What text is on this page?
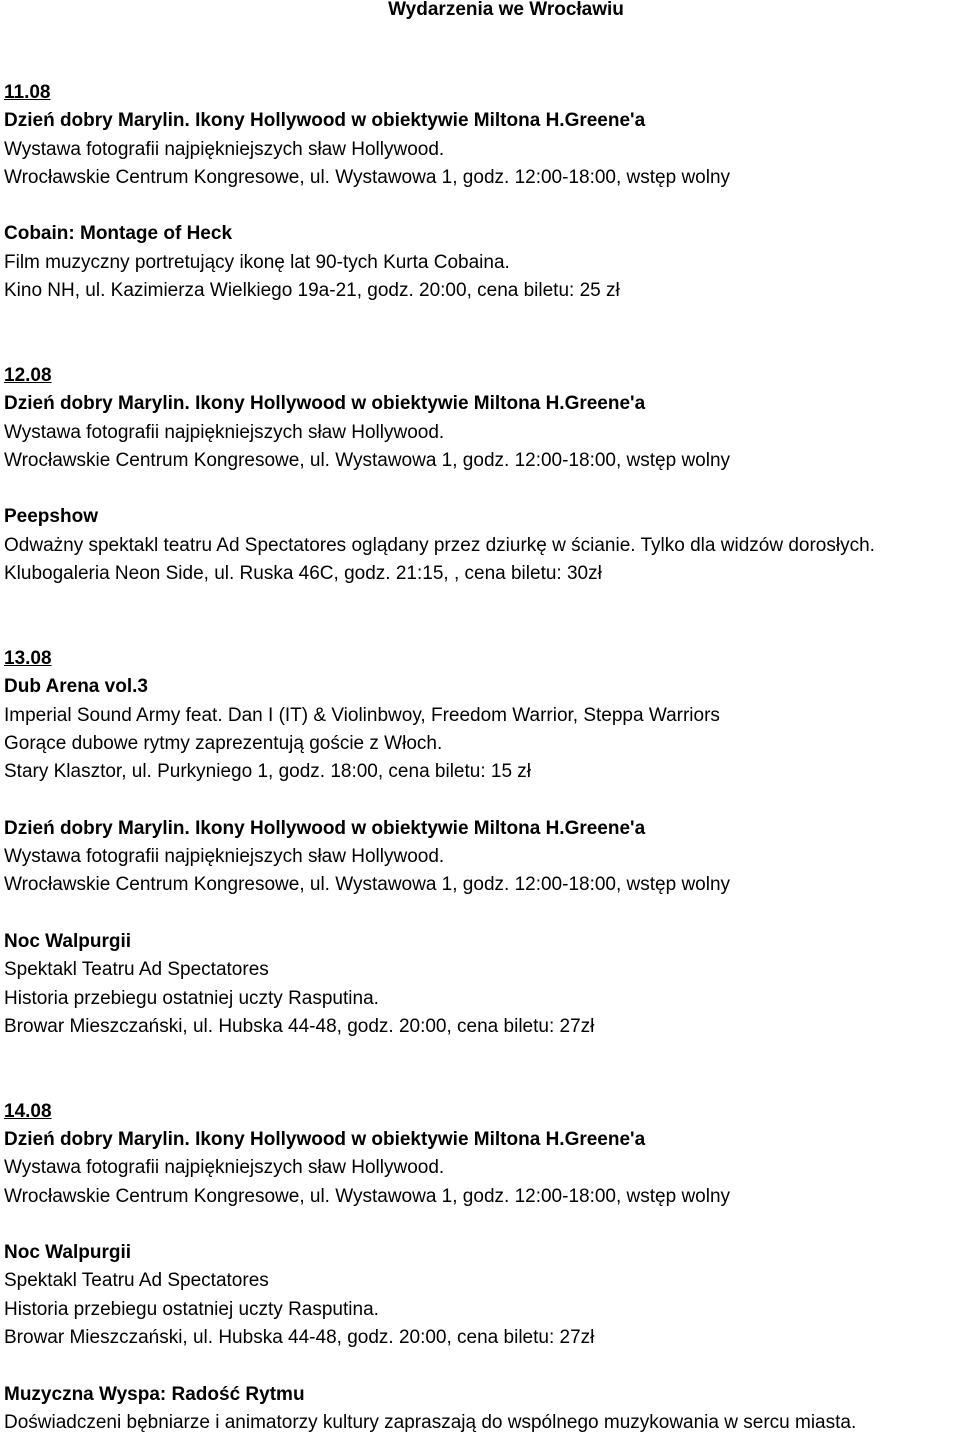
Wydarzenia we Wrocławiu
11.08
Dzień dobry Marylin. Ikony Hollywood w obiektywie Miltona H.Greene'a
Wystawa fotografii najpiękniejszych sław Hollywood.
Wrocławskie Centrum Kongresowe, ul. Wystawowa 1, godz. 12:00-18:00, wstęp wolny
Cobain: Montage of Heck
Film muzyczny portretujący ikonę lat 90-tych Kurta Cobaina.
Kino NH, ul. Kazimierza Wielkiego 19a-21, godz. 20:00, cena biletu: 25 zł
12.08
Dzień dobry Marylin. Ikony Hollywood w obiektywie Miltona H.Greene'a
Wystawa fotografii najpiękniejszych sław Hollywood.
Wrocławskie Centrum Kongresowe, ul. Wystawowa 1, godz. 12:00-18:00, wstęp wolny
Peepshow
Odważny spektakl teatru Ad Spectatores oglądany przez dziurkę w ścianie. Tylko dla widzów dorosłych.
Klubogaleria Neon Side, ul. Ruska 46C, godz. 21:15, , cena biletu: 30zł
13.08
Dub Arena vol.3
Imperial Sound Army feat. Dan I (IT) & Violinbwoy, Freedom Warrior, Steppa Warriors
Gorące dubowe rytmy zaprezentują goście z Włoch.
Stary Klasztor, ul. Purkyniego 1, godz. 18:00, cena biletu: 15 zł
Dzień dobry Marylin. Ikony Hollywood w obiektywie Miltona H.Greene'a
Wystawa fotografii najpiękniejszych sław Hollywood.
Wrocławskie Centrum Kongresowe, ul. Wystawowa 1, godz. 12:00-18:00, wstęp wolny
Noc Walpurgii
Spektakl Teatru Ad Spectatores
Historia przebiegu ostatniej uczty Rasputina.
Browar Mieszczański, ul. Hubska 44-48, godz. 20:00, cena biletu: 27zł
14.08
Dzień dobry Marylin. Ikony Hollywood w obiektywie Miltona H.Greene'a
Wystawa fotografii najpiękniejszych sław Hollywood.
Wrocławskie Centrum Kongresowe, ul. Wystawowa 1, godz. 12:00-18:00, wstęp wolny
Noc Walpurgii
Spektakl Teatru Ad Spectatores
Historia przebiegu ostatniej uczty Rasputina.
Browar Mieszczański, ul. Hubska 44-48, godz. 20:00, cena biletu: 27zł
Muzyczna Wyspa: Radość Rytmu
Doświadczeni bębniarze i animatorzy kultury zapraszają do wspólnego muzykowania w sercu miasta.
